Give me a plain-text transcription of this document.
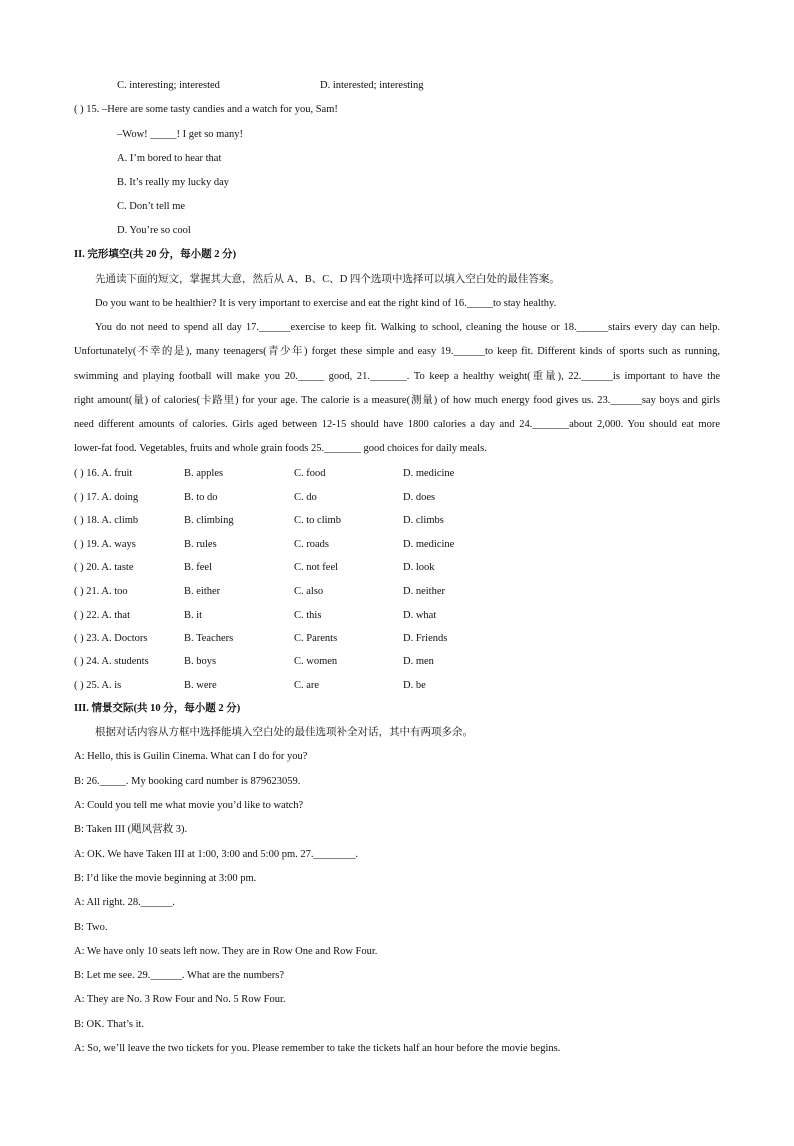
C. interesting; interested	D. interested; interesting
( ) 15. –Here are some tasty candies and a watch for you, Sam!
–Wow! _____! I get so many!
A. I’m bored to hear that
B. It’s really my lucky day
C. Don’t tell me
D. You’re so cool
II. 完形填空(共 20 分，每小题 2 分)
先通读下面的短文，掌握其大意，然后从 A、B、C、D 四个选项中选择可以填入空白处的最佳答案。
Do you want to be healthier? It is very important to exercise and eat the right kind of 16._____to stay healthy.
You do not need to spend all day 17.______exercise to keep fit. Walking to school, cleaning the house or 18.______stairs every day can help.
Unfortunately(不幸的是), many teenagers(青少年) forget these simple and easy 19.______to keep fit. Different kinds of sports such as running,
swimming and playing football will make you 20._____ good, 21._______. To keep a healthy weight(重量), 22.______is important to have the
right amount(量) of calories(卡路里) for your age. The calorie is a measure(测量) of how much energy food gives us. 23.______say boys and girls
need different amounts of calories. Girls aged between 12-15 should have 1800 calories a day and 24._______about 2,000. You should eat more
lower-fat food. Vegetables, fruits and whole grain foods 25._______ good choices for daily meals.
( ) 16. A. fruit	B. apples	C. food	D. medicine
( ) 17. A. doing	B. to do	C. do	D. does
( ) 18. A. climb	B. climbing	C. to climb	D. climbs
( ) 19. A. ways	B. rules	C. roads	D. medicine
( ) 20. A. taste	B. feel	C. not feel	D. look
( ) 21. A. too	B. either	C. also	D. neither
( ) 22. A. that	B. it	C. this	D. what
( ) 23. A. Doctors	B. Teachers	C. Parents	D. Friends
( ) 24. A. students	B. boys	C. women	D. men
( ) 25. A. is	B. were	C. are	D. be
III. 情景交际(共 10 分，每小题 2 分)
根据对话内容从方框中选择能填入空白处的最佳选项补全对话，其中有两项多余。
A: Hello, this is Guilin Cinema. What can I do for you?
B: 26._____. My booking card number is 879623059.
A: Could you tell me what movie you’d like to watch?
B: Taken III (飓风营救 3).
A: OK. We have Taken III at 1:00, 3:00 and 5:00 pm. 27.________.
B: I’d like the movie beginning at 3:00 pm.
A: All right. 28.______.
B: Two.
A: We have only 10 seats left now. They are in Row One and Row Four.
B: Let me see. 29.______. What are the numbers?
A: They are No. 3 Row Four and No. 5 Row Four.
B: OK. That’s it.
A: So, we’ll leave the two tickets for you. Please remember to take the tickets half an hour before the movie begins.
